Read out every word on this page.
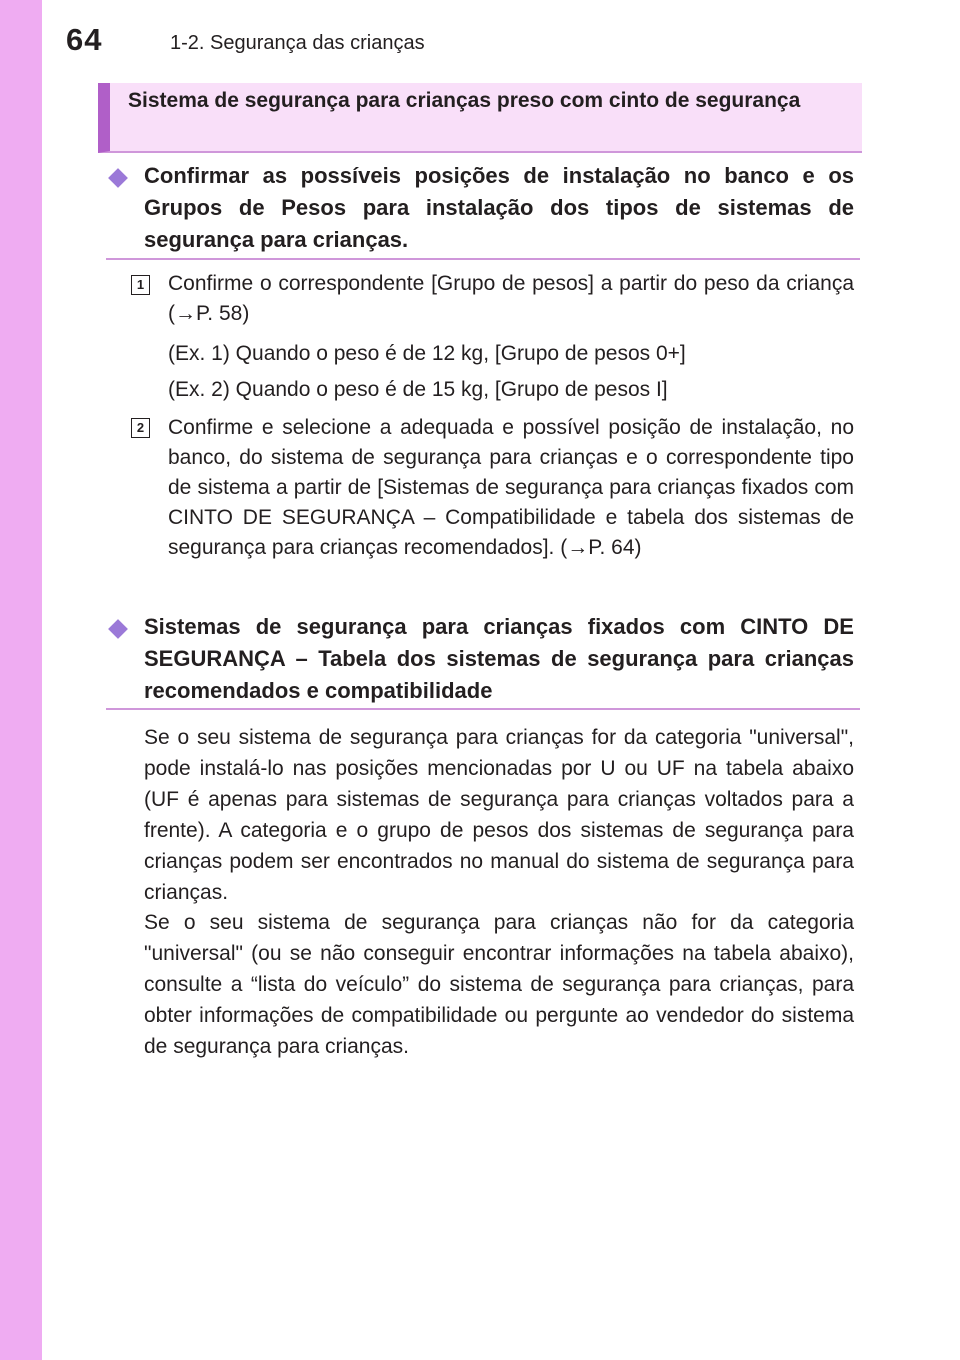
64	1-2. Segurança das crianças
Sistema de segurança para crianças preso com cinto de segurança
Confirmar as possíveis posições de instalação no banco e os Grupos de Pesos para instalação dos tipos de sistemas de segurança para crianças.
1 Confirme o correspondente [Grupo de pesos] a partir do peso da criança (→P. 58)
(Ex. 1) Quando o peso é de 12 kg, [Grupo de pesos 0+]
(Ex. 2) Quando o peso é de 15 kg, [Grupo de pesos I]
2 Confirme e selecione a adequada e possível posição de instalação, no banco, do sistema de segurança para crianças e o correspondente tipo de sistema a partir de [Sistemas de segurança para crianças fixados com CINTO DE SEGURANÇA – Compatibilidade e tabela dos sistemas de segurança para crianças recomendados]. (→P. 64)
Sistemas de segurança para crianças fixados com CINTO DE SEGURANÇA – Tabela dos sistemas de segurança para crianças recomendados e compatibilidade
Se o seu sistema de segurança para crianças for da categoria "universal", pode instalá-lo nas posições mencionadas por U ou UF na tabela abaixo (UF é apenas para sistemas de segurança para crianças voltados para a frente). A categoria e o grupo de pesos dos sistemas de segurança para crianças podem ser encontrados no manual do sistema de segurança para crianças.
Se o seu sistema de segurança para crianças não for da categoria "universal" (ou se não conseguir encontrar informações na tabela abaixo), consulte a “lista do veículo” do sistema de segurança para crianças, para obter informações de compatibilidade ou pergunte ao vendedor do sistema de segurança para crianças.
